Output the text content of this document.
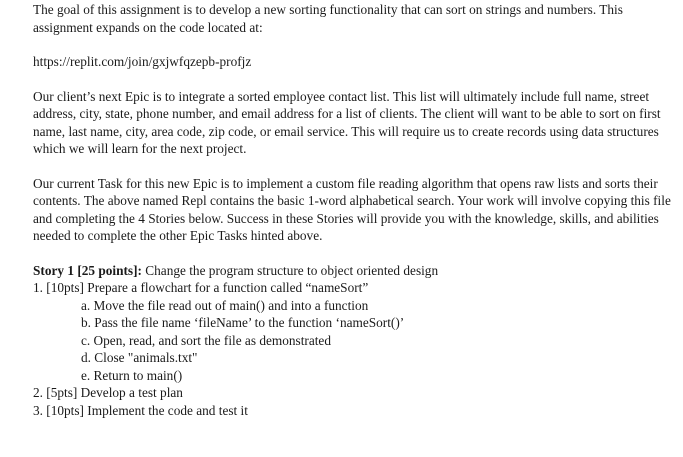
The goal of this assignment is to develop a new sorting functionality that can sort on strings and numbers. This assignment expands on the code located at:

https://replit.com/join/gxjwfqzepb-profjz

Our client’s next Epic is to integrate a sorted employee contact list. This list will ultimately include full name, street address, city, state, phone number, and email address for a list of clients. The client will want to be able to sort on first name, last name, city, area code, zip code, or email service. This will require us to create records using data structures which we will learn for the next project.

Our current Task for this new Epic is to implement a custom file reading algorithm that opens raw lists and sorts their contents. The above named Repl contains the basic 1-word alphabetical search. Your work will involve copying this file and completing the 4 Stories below. Success in these Stories will provide you with the knowledge, skills, and abilities needed to complete the other Epic Tasks hinted above.

Story 1 [25 points]: Change the program structure to object oriented design

1. [10pts] Prepare a flowchart for a function called “nameSort”
a. Move the file read out of main() and into a function
b. Pass the file name ‘fileName’ to the function ‘nameSort()’
c. Open, read, and sort the file as demonstrated
d. Close "animals.txt"
e. Return to main()
2. [5pts] Develop a test plan
3. [10pts] Implement the code and test it
